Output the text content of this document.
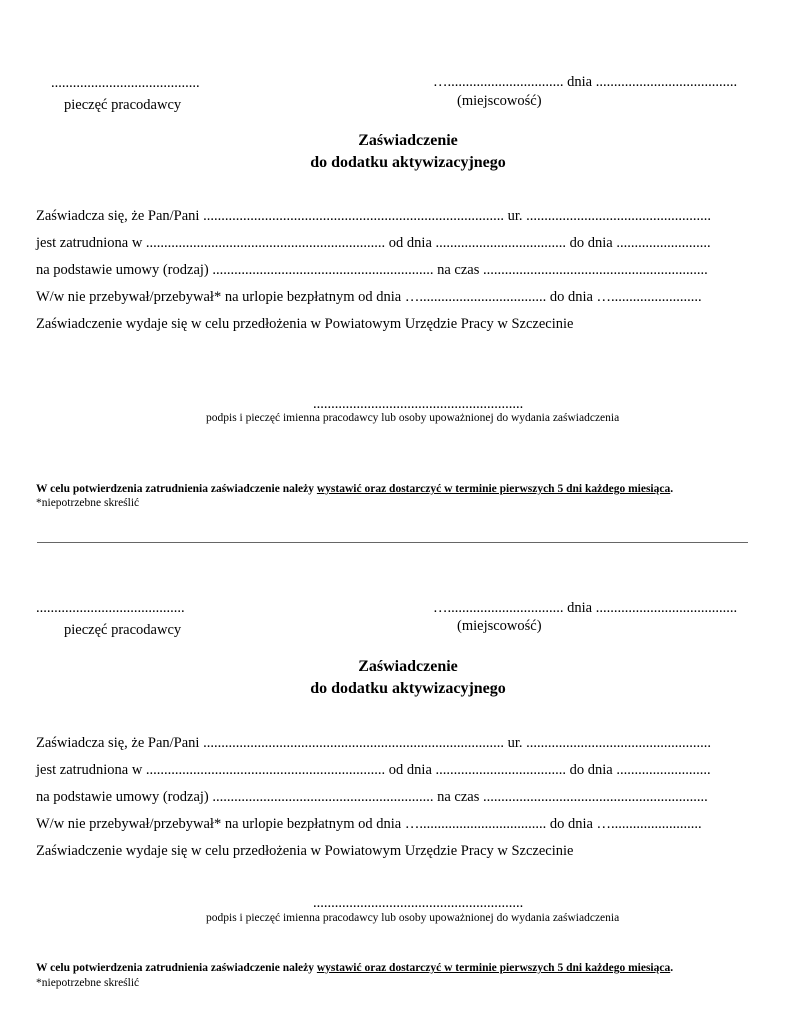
.........................................
pieczęć pracodawcy
…................................ dnia .......................................
(miejscowość)
Zaświadczenie
do dodatku aktywizacyjnego
Zaświadcza się, że Pan/Pani ................................................................................... ur. ...................................................
jest zatrudniona w .................................................................. od dnia .................................... do dnia ..........................
na podstawie umowy (rodzaj) ............................................................. na czas ..............................................................
W/w nie przebywał/przebywał* na urlopie bezpłatnym od dnia …................................... do dnia ….........................
Zaświadczenie wydaje się w celu przedłożenia w Powiatowym Urzędzie Pracy w Szczecinie
..........................................................
podpis i pieczęć imienna pracodawcy lub osoby upoważnionej do wydania zaświadczenia
W celu potwierdzenia zatrudnienia zaświadczenie należy wystawić oraz dostarczyć w terminie pierwszych 5 dni każdego miesiąca.
*niepotrzebne skreślić
.........................................
pieczęć pracodawcy
…................................ dnia .......................................
(miejscowość)
Zaświadczenie
do dodatku aktywizacyjnego
Zaświadcza się, że Pan/Pani ................................................................................... ur. ...................................................
jest zatrudniona w .................................................................. od dnia .................................... do dnia ..........................
na podstawie umowy (rodzaj) ............................................................. na czas ..............................................................
W/w nie przebywał/przebywał* na urlopie bezpłatnym od dnia …................................... do dnia ….........................
Zaświadczenie wydaje się w celu przedłożenia w Powiatowym Urzędzie Pracy w Szczecinie
..........................................................
podpis i pieczęć imienna pracodawcy lub osoby upoważnionej do wydania zaświadczenia
W celu potwierdzenia zatrudnienia zaświadczenie należy wystawić oraz dostarczyć w terminie pierwszych 5 dni każdego miesiąca.
*niepotrzebne skreślić
